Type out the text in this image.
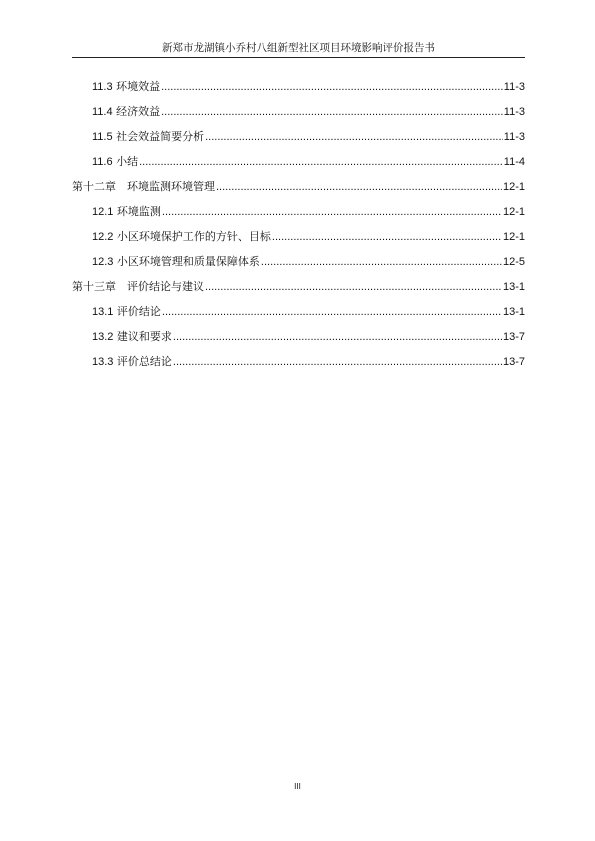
新郑市龙湖镇小乔村八组新型社区项目环境影响评价报告书
11.3 环境效益 .....	11-3
11.4 经济效益 .....	11-3
11.5 社会效益简要分析 .....	11-3
11.6 小结 .....	11-4
第十二章　环境监测环境管理 .....	12-1
12.1 环境监测 .....	12-1
12.2 小区环境保护工作的方针、目标 .....	12-1
12.3 小区环境管理和质量保障体系 .....	12-5
第十三章　评价结论与建议 .....	13-1
13.1 评价结论 .....	13-1
13.2 建议和要求 .....	13-7
13.3 评价总结论 .....	13-7
III
